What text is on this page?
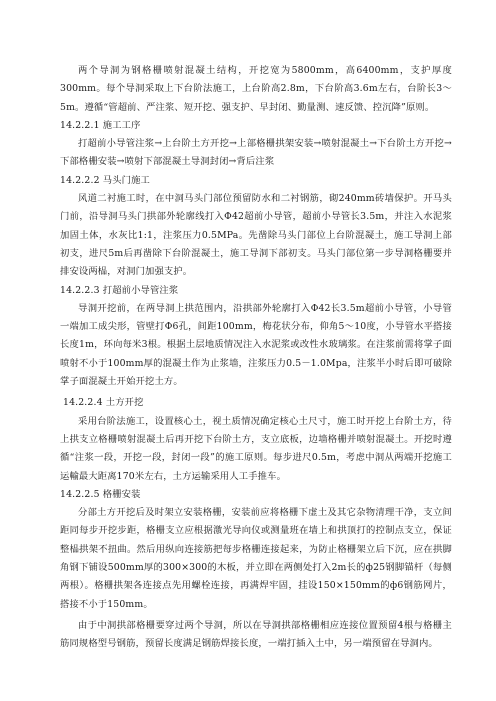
两个导洞为钢格栅喷射混凝土结构，开挖宽为5800mm，高6400mm，支护厚度300mm。每个导洞采取上下台阶法施工，上台阶高2.8m，下台阶高3.6m左右，台阶长3～5m。遵循“管超前、严注浆、短开挖、强支护、早封闭、勤量测、速反馈、控沉降”原则。

14.2.2.1 施工工序

打超前小导管注浆→上台阶土方开挖→上部格栅拱架安装→喷射混凝土→下台阶土方开挖→下部格栅安装→喷射下部混凝土导洞封闭→背后注浆

14.2.2.2 马头门施工

风道二衬施工时，在中洞马头门部位预留防水和二衬钢筋，砌240mm砖墙保护。开马头门前，沿导洞马头门拱部外轮廓线打入Φ42超前小导管，超前小导管长3.5m，并注入水泥浆加固土体，水灰比1:1，注浆压力0.5MPa。先凿除马头门部位上台阶混凝土，施工导洞上部初支，进尺5m后再凿除下台阶混凝土，施工导洞下部初支。马头门部位第一步导洞格栅要并排安设两榀，对洞门加强支护。

14.2.2.3 打超前小导管注浆

导洞开挖前，在两导洞上拱范围内，沿拱部外轮廓打入Φ42长3.5m超前小导管，小导管一端加工成尖形，管壁打Φ6孔，间距100mm，梅花状分布，仰角5～10度，小导管水平搭接长度1m，环向每米3根。根据土层地质情况注入水泥浆或改性水玻璃浆。在注浆前需将掌子面喷射不小于100mm厚的混凝土作为止浆墙，注浆压力0.5－1.0Mpa，注浆半小时后即可破除掌子面混凝土开始开挖土方。

14.2.2.4 土方开挖

采用台阶法施工，设置核心土，视土质情况确定核心土尺寸，施工时开挖上台阶土方，待上拱支立格栅喷射混凝土后再开挖下台阶土方，支立底板，边墙格栅并喷射混凝土。开挖时遵循“注浆一段，开挖一段，封闭一段”的施工原则。每步进尺0.5m，考虑中洞从两端开挖施工运輸最大距离170米左右，土方运输采用人工手推车。

14.2.2.5 格栅安装

分部土方开挖后及时架立安装格栅，安装前应将格栅下虚土及其它杂物清理干净，支立间距同每步开挖步距，格栅支立应根据激光导向仪或测量班在墙上和拱顶打的控制点支立，保证整榀拱架不扭曲。然后用纵向连接筋把每步格栅连接起来，为防止格栅架立后下沉，应在拱脚角钢下铺设500mm厚的300×300的木板，并立即在两侧处打入2m长的ф25钢脚锚杆（每侧两根）。格栅拱架各连接点先用螺栓连接，再满焊牢固，挂设150×150mm的ф6钢筋网片，搭接不小于150mm。

由于中洞拱部格栅要穿过两个导洞，所以在导洞拱部格栅相应连接位置预留4根与格栅主筋同规格型号钢筋，预留长度满足钢筋焊接长度，一端打插入土中，另一端预留在导洞内。
